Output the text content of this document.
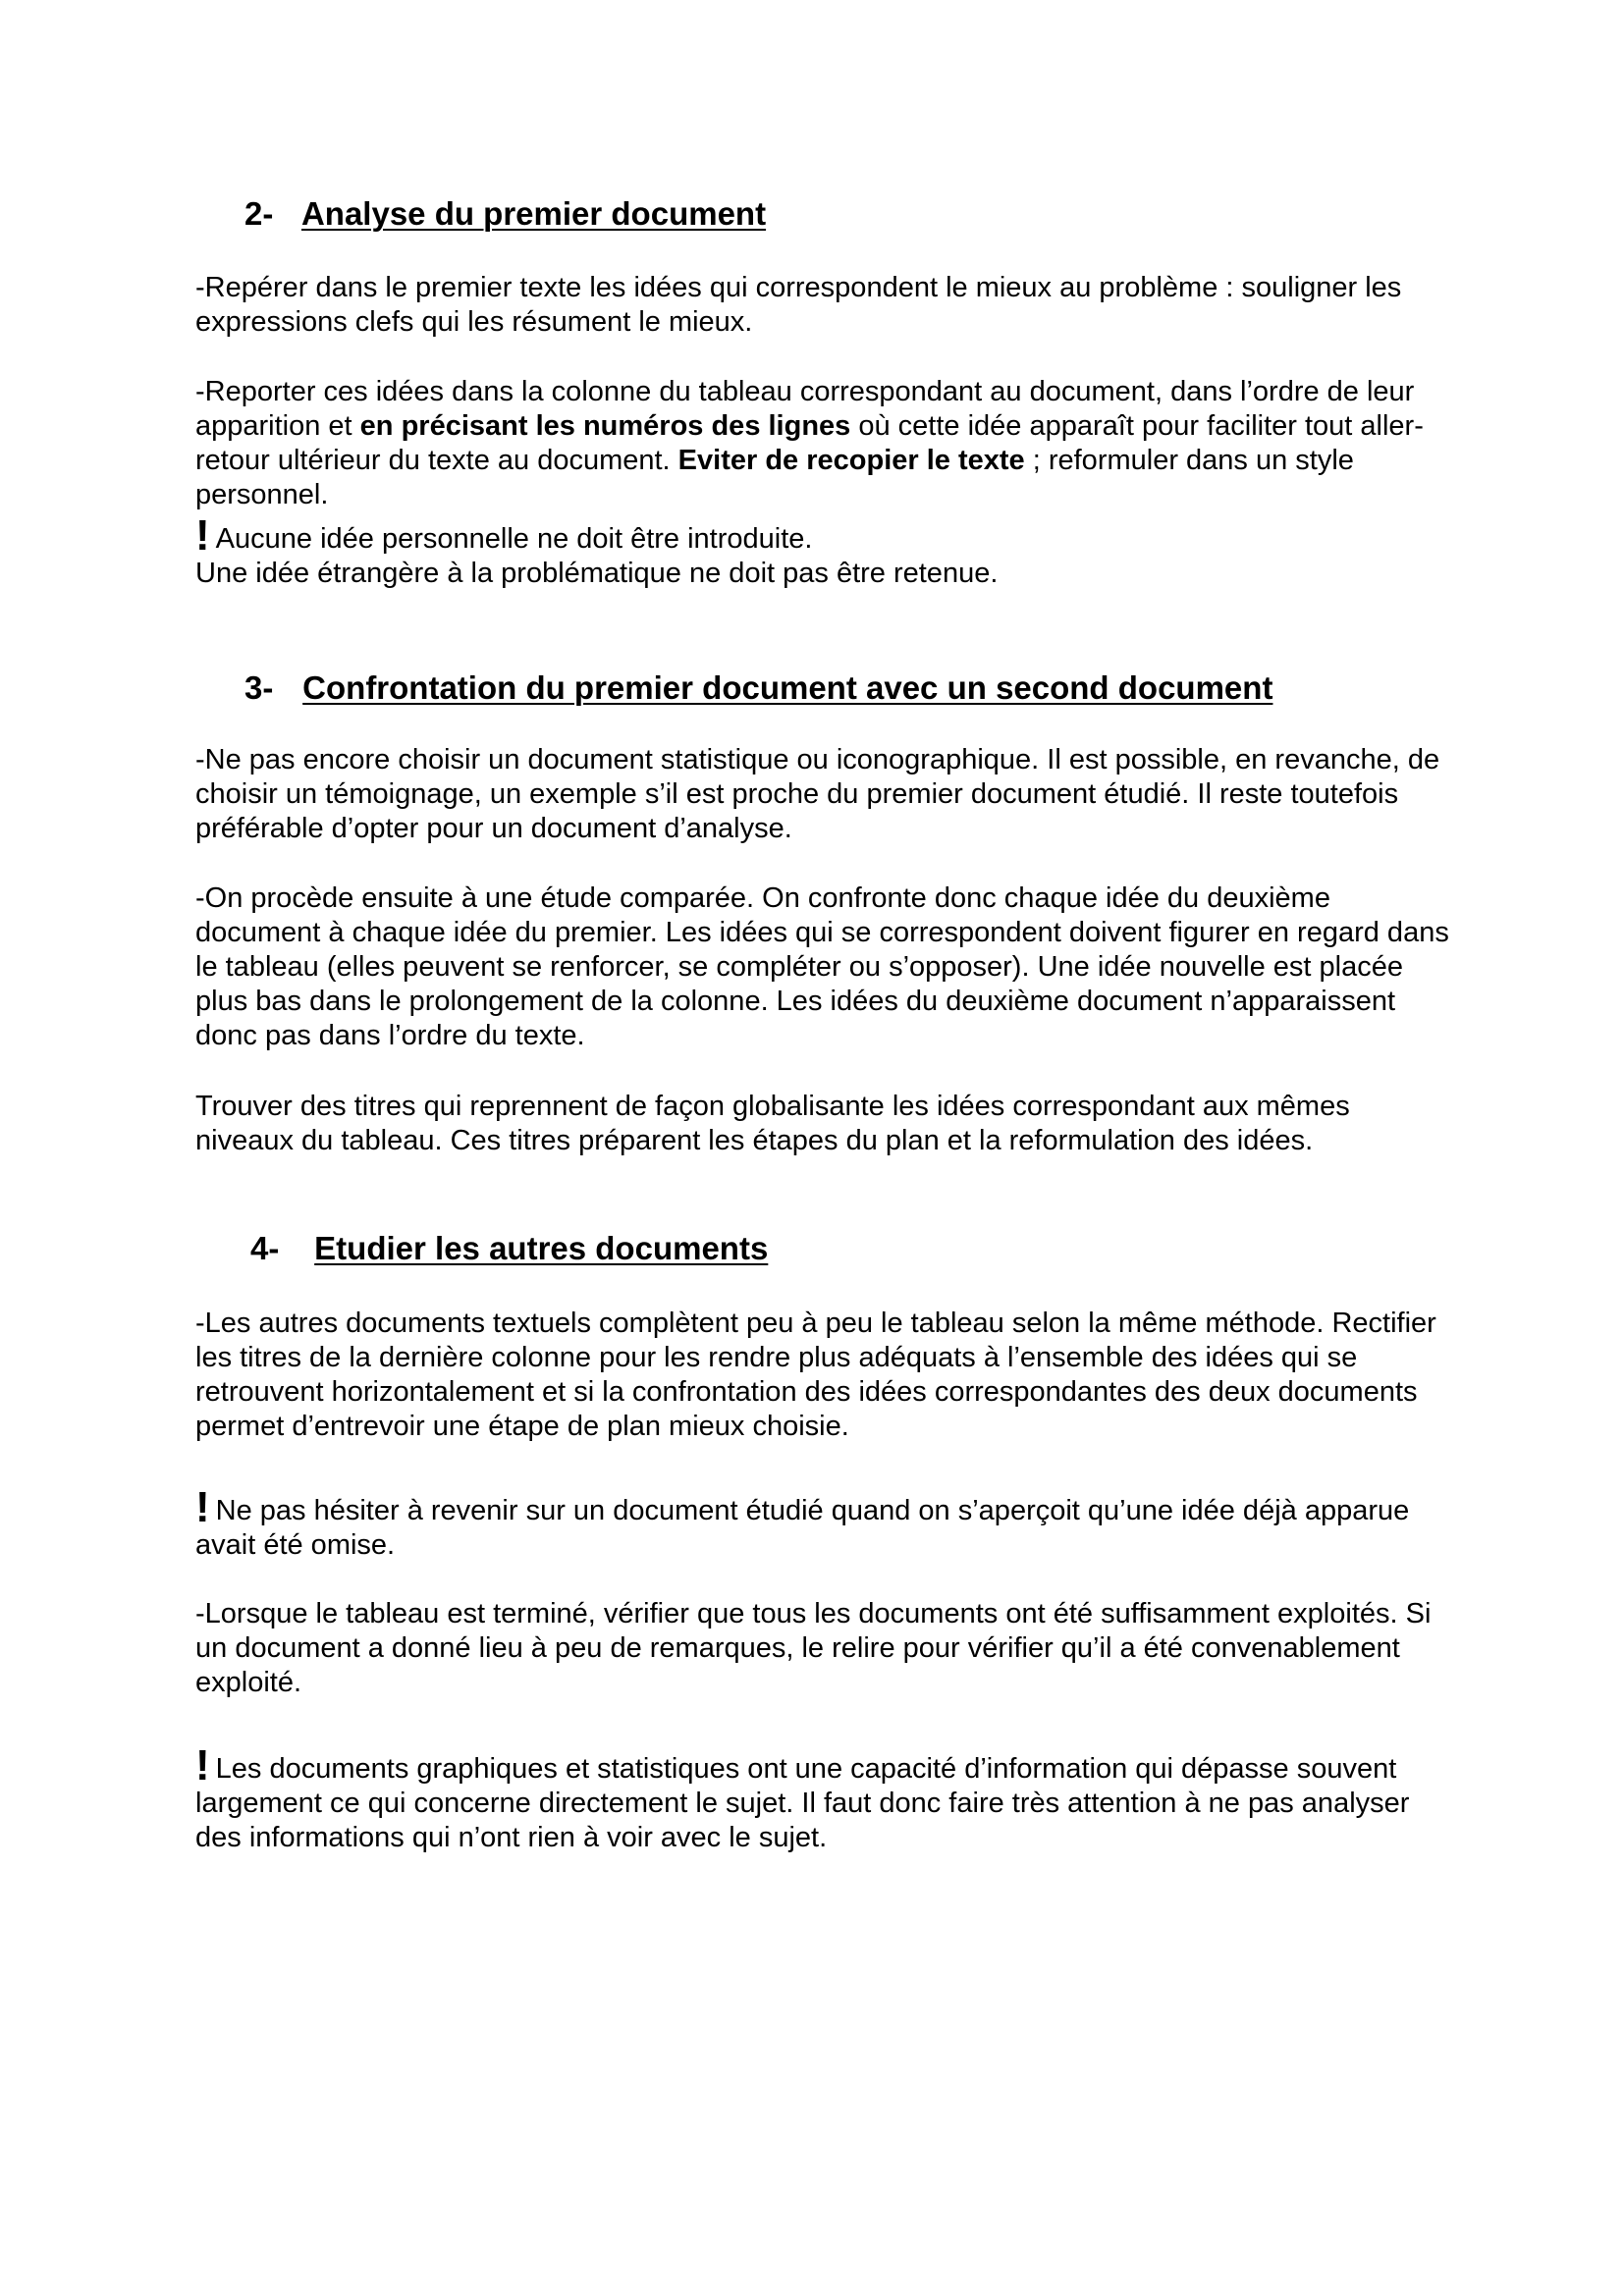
2- Analyse du premier document

-Repérer dans le premier texte les idées qui correspondent le mieux au problème : souligner les expressions clefs qui les résument le mieux.

-Reporter ces idées dans la colonne du tableau correspondant au document, dans l’ordre de leur apparition et en précisant les numéros des lignes où cette idée apparaît pour faciliter tout aller-retour ultérieur du texte au document. Eviter de recopier le texte ; reformuler dans un style personnel.

! Aucune idée personnelle ne doit être introduite.
Une idée étrangère à la problématique ne doit pas être retenue.

3- Confrontation du premier document avec un second document

-Ne pas encore choisir un document statistique ou iconographique. Il est possible, en revanche, de choisir un témoignage, un exemple s’il est proche du premier document étudié. Il reste toutefois préférable d’opter pour un document d’analyse.

-On procède ensuite à une étude comparée. On confronte donc chaque idée du deuxième document à chaque idée du premier. Les idées qui se correspondent doivent figurer en regard dans le tableau (elles peuvent se renforcer, se compléter ou s’opposer). Une idée nouvelle est placée plus bas dans le prolongement de la colonne. Les idées du deuxième document n’apparaissent donc pas dans l’ordre du texte.

Trouver des titres qui reprennent de façon globalisante les idées correspondant aux mêmes niveaux du tableau. Ces titres préparent les étapes du plan et la reformulation des idées.

4- Etudier les autres documents

-Les autres documents textuels complètent peu à peu le tableau selon la même méthode. Rectifier les titres de la dernière colonne pour les rendre plus adéquats à l’ensemble des idées qui se retrouvent horizontalement et si la confrontation des idées correspondantes des deux documents permet d’entrevoir une étape de plan mieux choisie.

! Ne pas hésiter à revenir sur un document étudié quand on s’aperçoit qu’une idée déjà apparue avait été omise.

-Lorsque le tableau est terminé, vérifier que tous les documents ont été suffisamment exploités. Si un document a donné lieu à peu de remarques, le relire pour vérifier qu’il a été convenablement exploité.

! Les documents graphiques et statistiques ont une capacité d’information qui dépasse souvent largement ce qui concerne directement le sujet. Il faut donc faire très attention à ne pas analyser des informations qui n’ont rien à voir avec le sujet.
